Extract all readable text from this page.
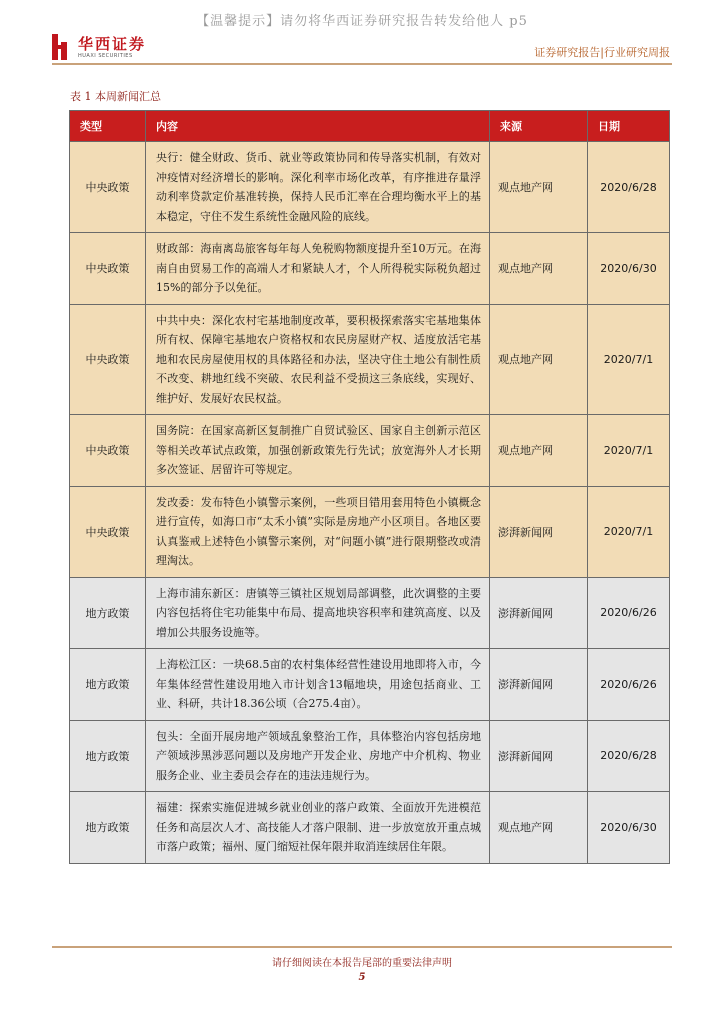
【温馨提示】请勿将华西证券研究报告转发给他人 p5
华西证券
HUAXI SECURITIES	证券研究报告|行业研究周报
表 1 本周新闻汇总
类型	内容	来源	日期
中央政策	央行：健全财政、货币、就业等政策协同和传导落实机制，有效对冲疫情对经济增长的影响。深化利率市场化改革，有序推进存量浮动利率贷款定价基准转换，保持人民币汇率在合理均衡水平上的基本稳定，守住不发生系统性金融风险的底线。	观点地产网	2020/6/28
中央政策	财政部：海南离岛旅客每年每人免税购物额度提升至10万元。在海南自由贸易工作的高端人才和紧缺人才，个人所得税实际税负超过15%的部分予以免征。	观点地产网	2020/6/30
中央政策	中共中央：深化农村宅基地制度改革，要积极探索落实宅基地集体所有权、保障宅基地农户资格权和农民房屋财产权、适度放活宅基地和农民房屋使用权的具体路径和办法，坚决守住土地公有制性质不改变、耕地红线不突破、农民利益不受损这三条底线，实现好、维护好、发展好农民权益。	观点地产网	2020/7/1
中央政策	国务院：在国家高新区复制推广自贸试验区、国家自主创新示范区等相关改革试点政策，加强创新政策先行先试；放宽海外人才长期多次签证、居留许可等规定。	观点地产网	2020/7/1
中央政策	发改委：发布特色小镇警示案例，一些项目错用套用特色小镇概念进行宣传，如海口市“太禾小镇”实际是房地产小区项目。各地区要认真鉴戒上述特色小镇警示案例，对“问题小镇”进行限期整改或清理淘汰。	澎湃新闻网	2020/7/1
地方政策	上海市浦东新区：唐镇等三镇社区规划局部调整，此次调整的主要内容包括将住宅功能集中布局、提高地块容积率和建筑高度、以及增加公共服务设施等。	澎湃新闻网	2020/6/26
地方政策	上海松江区：一块68.5亩的农村集体经营性建设用地即将入市，今年集体经营性建设用地入市计划含13幅地块，用途包括商业、工业、科研，共计18.36公顷（合275.4亩）。	澎湃新闻网	2020/6/26
地方政策	包头：全面开展房地产领域乱象整治工作，具体整治内容包括房地产领域涉黑涉恶问题以及房地产开发企业、房地产中介机构、物业服务企业、业主委员会存在的违法违规行为。	澎湃新闻网	2020/6/28
地方政策	福建：探索实施促进城乡就业创业的落户政策、全面放开先进模范任务和高层次人才、高技能人才落户限制、进一步放宽放开重点城市落户政策；福州、厦门缩短社保年限并取消连续居住年限。	观点地产网	2020/6/30
请仔细阅读在本报告尾部的重要法律声明
5
